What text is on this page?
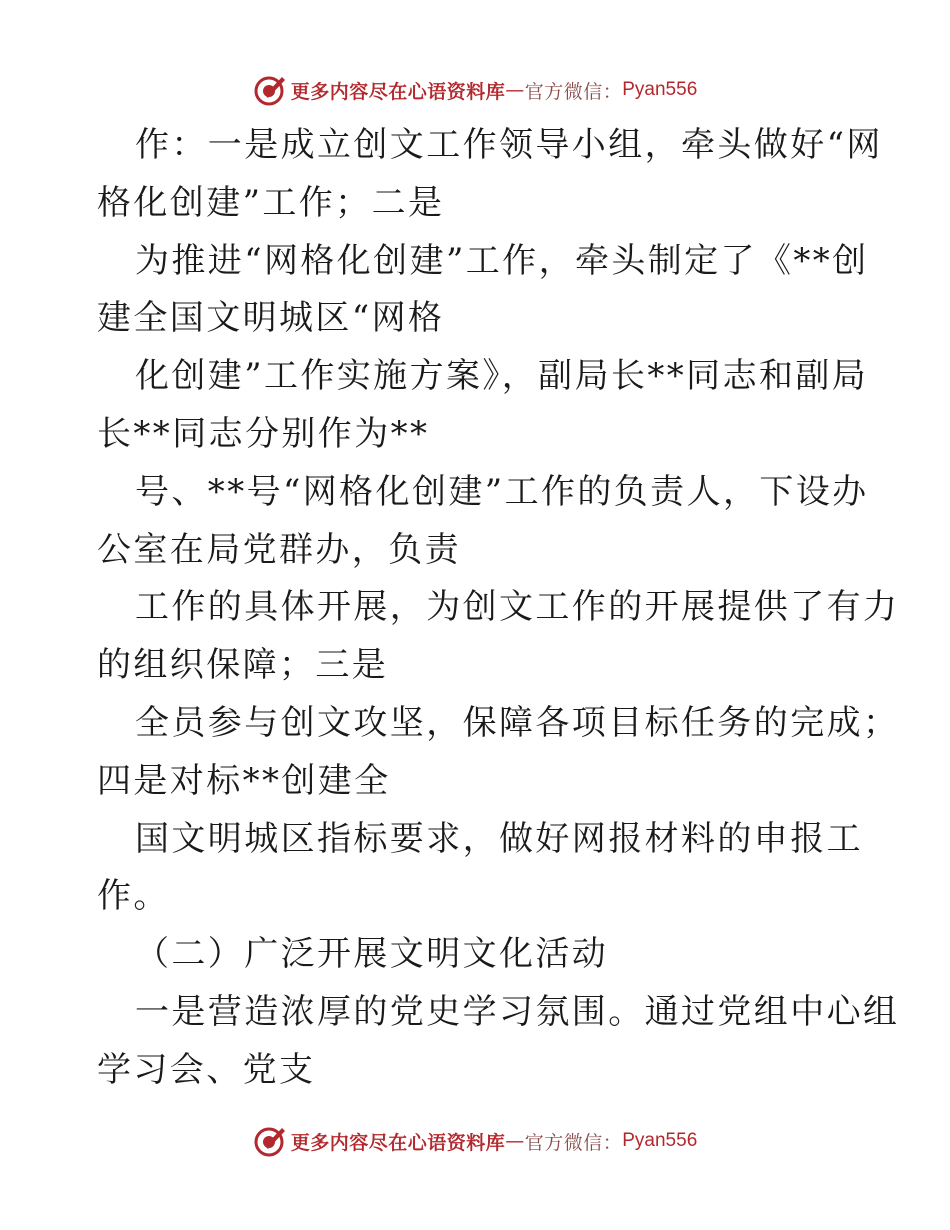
更多内容尽在心语资料库 — 官方微信： Pyan556
作：一是成立创文工作领导小组，牵头做好“网
格化创建”工作；二是
为推进“网格化创建”工作，牵头制定了《**创
建全国文明城区“网格
化创建”工作实施方案》，副局长**同志和副局
长**同志分别作为**
号、**号“网格化创建”工作的负责人，下设办
公室在局党群办，负责
工作的具体开展，为创文工作的开展提供了有力
的组织保障；三是
全员参与创文攻坚，保障各项目标任务的完成；
四是对标**创建全
国文明城区指标要求，做好网报材料的申报工
作。
（二）广泛开展文明文化活动
一是营造浓厚的党史学习氛围。通过党组中心组
学习会、党支
更多内容尽在心语资料库 — 官方微信： Pyan556
